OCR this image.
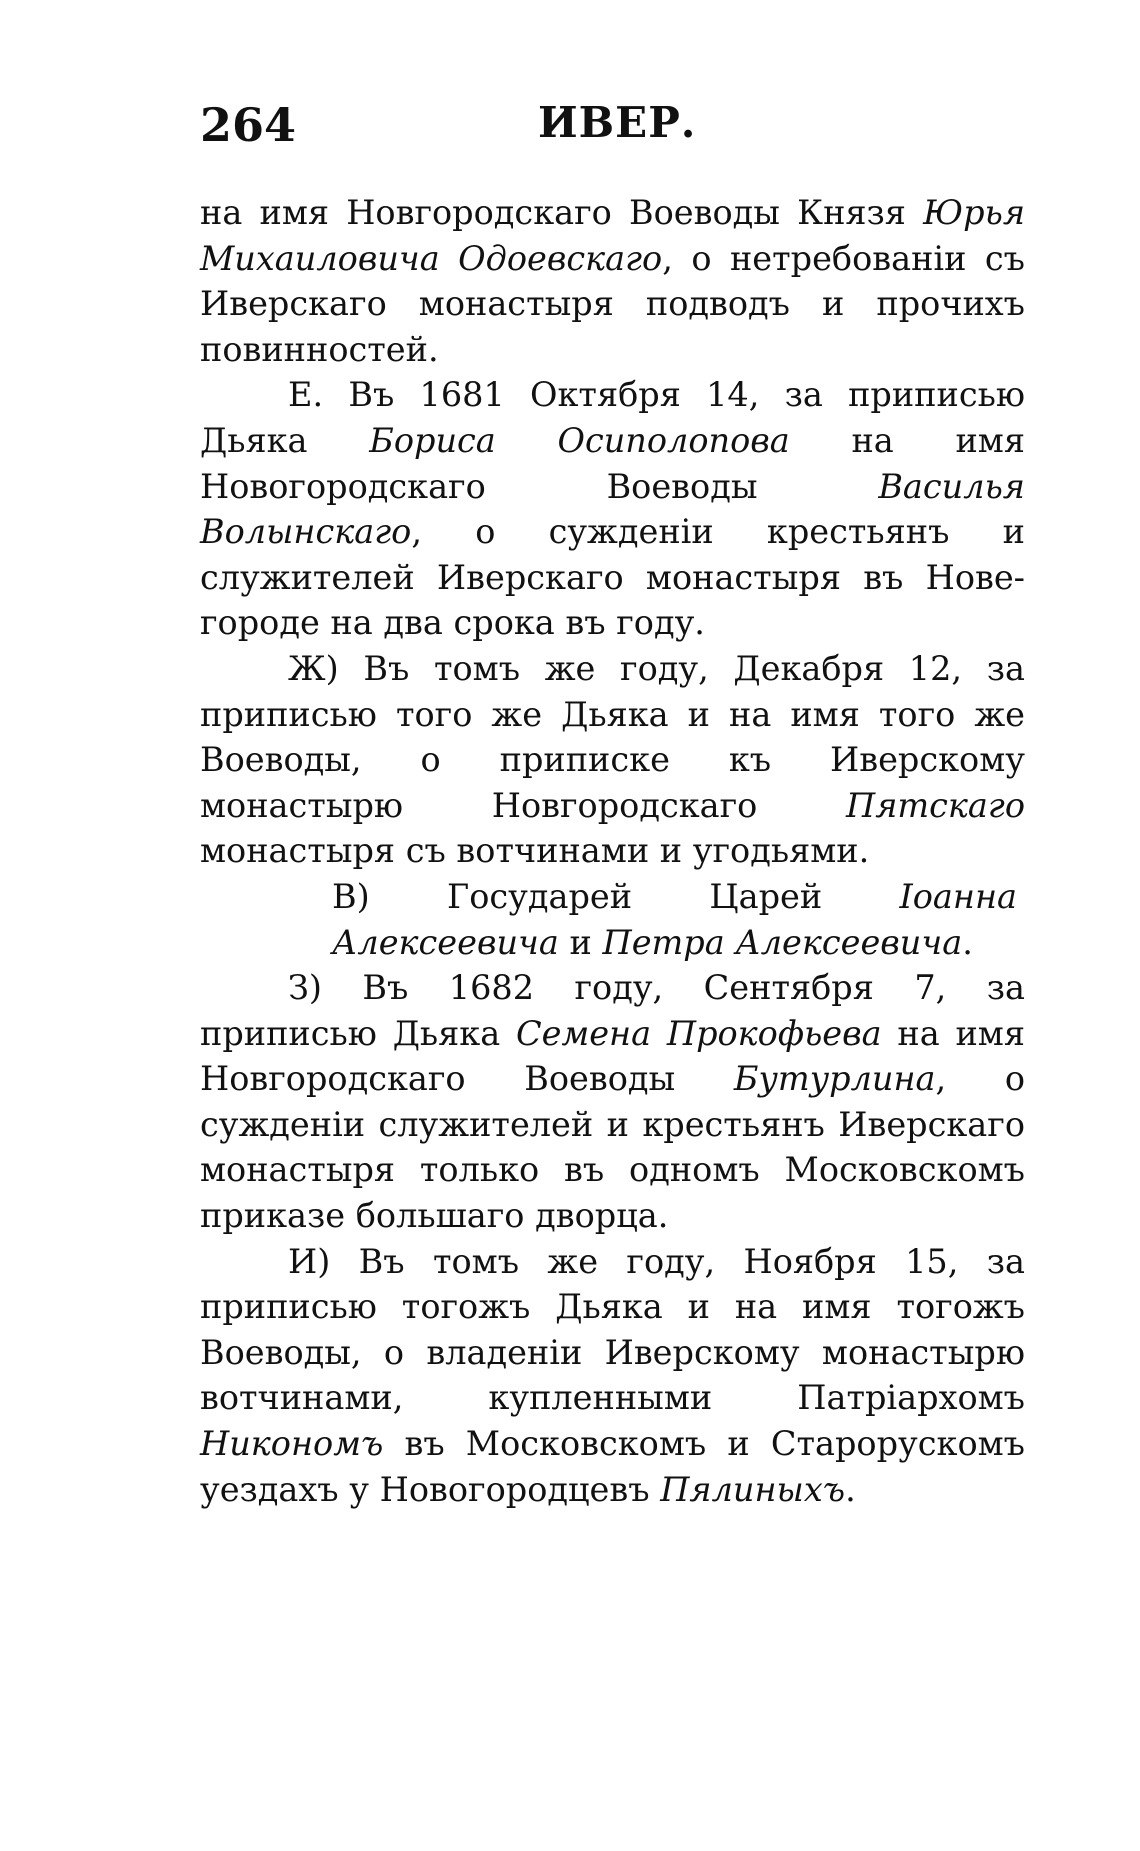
264	ИВЕР.

на имя Новгородскаго Воеводы Князя Юрья Михаиловича Одоевскаго, о нетребованіи съ Иверскаго монастыря подводъ и прочихъ повинностей.

Е. Въ 1681 Октября 14, за приписью Дьяка Бориса Осиполопова на имя Новогородскаго Воеводы Василья Волынскаго, о сужденіи крестьянъ и служителей Иверскаго монастыря въ Нове-городе на два срока въ году.

Ж) Въ томъ же году, Декабря 12, за приписью того же Дьяка и на имя того же Воеводы, о приписке къ Иверскому монастырю Новгородскаго Пятскаго монастыря съ вотчинами и угодьями.

В) Государей Царей Іоанна Алексеевича и Петра Алексеевича.

З) Въ 1682 году, Сентября 7, за приписью Дьяка Семена Прокофьева на имя Новгородскаго Воеводы Бутурлина, о сужденіи служителей и крестьянъ Иверскаго монастыря только въ одномъ Московскомъ приказе большаго дворца.

И) Въ томъ же году, Ноября 15, за приписью тогожъ Дьяка и на имя тогожъ Воеводы, о владеніи Иверскому монастырю вотчинами, купленными Патріархомъ Никономъ въ Московскомъ и Старорускомъ уездахъ у Новогородцевъ Пялиныхъ.
